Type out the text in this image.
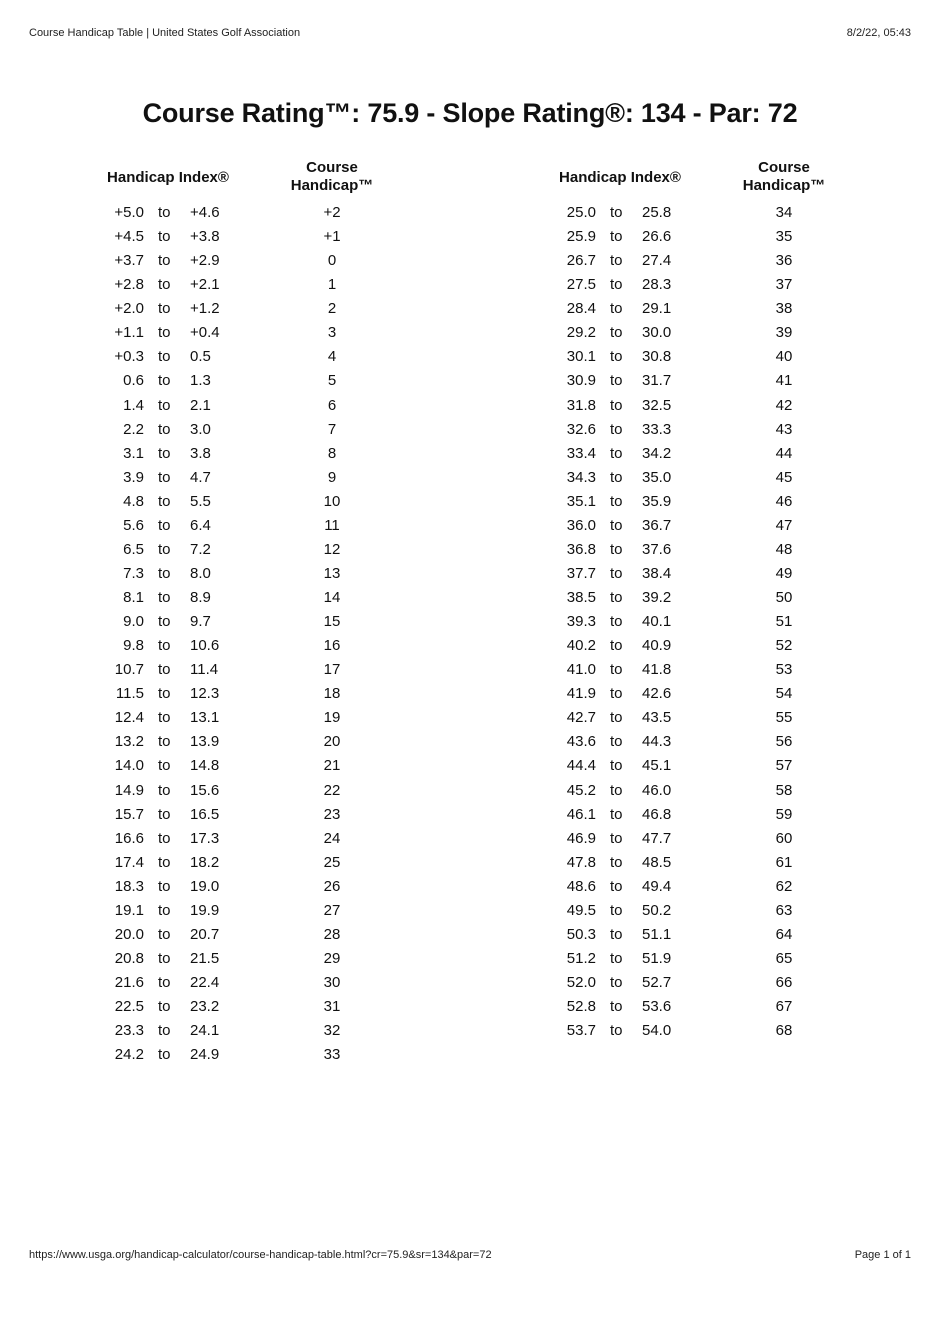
Course Handicap Table | United States Golf Association	8/2/22, 05:43
Course Rating™: 75.9 - Slope Rating®: 134 - Par: 72
Handicap Index®
Course
Handicap™
+5.0 to	+4.6	+2
+4.5 to	+3.8	+1
+3.7 to	+2.9	0
+2.8 to	+2.1	1
+2.0 to	+1.2	2
+1.1 to	+0.4	3
+0.3 to	0.5	4
0.6 to	1.3	5
1.4 to	2.1	6
2.2 to	3.0	7
3.1 to	3.8	8
3.9 to	4.7	9
4.8 to	5.5	10
5.6 to	6.4	11
6.5 to	7.2	12
7.3 to	8.0	13
8.1 to	8.9	14
9.0 to	9.7	15
9.8 to	10.6	16
10.7 to	11.4	17
11.5 to	12.3	18
12.4 to	13.1	19
13.2 to	13.9	20
14.0 to	14.8	21
14.9 to	15.6	22
15.7 to	16.5	23
16.6 to	17.3	24
17.4 to	18.2	25
18.3 to	19.0	26
19.1 to	19.9	27
20.0 to	20.7	28
20.8 to	21.5	29
21.6 to	22.4	30
22.5 to	23.2	31
23.3 to	24.1	32
24.2 to	24.9	33
Handicap Index®
Course
Handicap™
25.0 to	25.8	34
25.9 to	26.6	35
26.7 to	27.4	36
27.5 to	28.3	37
28.4 to	29.1	38
29.2 to	30.0	39
30.1 to	30.8	40
30.9 to	31.7	41
31.8 to	32.5	42
32.6 to	33.3	43
33.4 to	34.2	44
34.3 to	35.0	45
35.1 to	35.9	46
36.0 to	36.7	47
36.8 to	37.6	48
37.7 to	38.4	49
38.5 to	39.2	50
39.3 to	40.1	51
40.2 to	40.9	52
41.0 to	41.8	53
41.9 to	42.6	54
42.7 to	43.5	55
43.6 to	44.3	56
44.4 to	45.1	57
45.2 to	46.0	58
46.1 to	46.8	59
46.9 to	47.7	60
47.8 to	48.5	61
48.6 to	49.4	62
49.5 to	50.2	63
50.3 to	51.1	64
51.2 to	51.9	65
52.0 to	52.7	66
52.8 to	53.6	67
53.7 to	54.0	68
https://www.usga.org/handicap-calculator/course-handicap-table.html?cr=75.9&sr=134&par=72	Page 1 of 1
